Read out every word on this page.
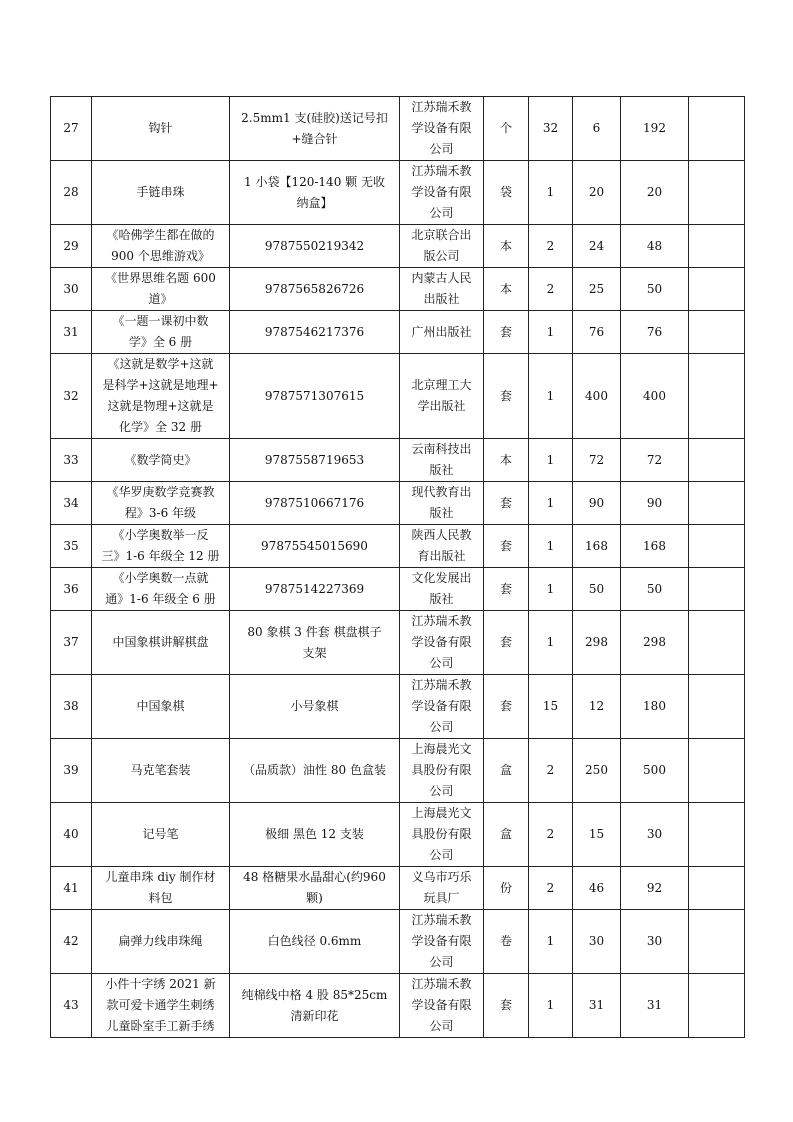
27	钩针	2.5mm1 支(硅胶)送记号扣
+缝合针	江苏瑞禾教
学设备有限
公司	个	32	6	192	
28	手链串珠	1 小袋【120-140 颗 无收
纳盒】	江苏瑞禾教
学设备有限
公司	袋	1	20	20	
29	《哈佛学生都在做的
900 个思维游戏》	9787550219342	北京联合出
版公司	本	2	24	48	
30	《世界思维名题 600
道》	9787565826726	内蒙古人民
出版社	本	2	25	50	
31	《一题一课初中数
学》全 6 册	9787546217376	广州出版社	套	1	76	76	
32	《这就是数学+这就
是科学+这就是地理+
这就是物理+这就是
化学》全 32 册	9787571307615	北京理工大
学出版社	套	1	400	400	
33	《数学简史》	9787558719653	云南科技出
版社	本	1	72	72	
34	《华罗庚数学竞赛教
程》3-6 年级	9787510667176	现代教育出
版社	套	1	90	90	
35	《小学奥数举一反
三》1-6 年级全 12 册	97875545015690	陕西人民教
育出版社	套	1	168	168	
36	《小学奥数一点就
通》1-6 年级全 6 册	9787514227369	文化发展出
版社	套	1	50	50	
37	中国象棋讲解棋盘	80 象棋 3 件套 棋盘棋子
支架	江苏瑞禾教
学设备有限
公司	套	1	298	298	
38	中国象棋	小号象棋	江苏瑞禾教
学设备有限
公司	套	15	12	180	
39	马克笔套装	（品质款）油性 80 色盒装	上海晨光文
具股份有限
公司	盒	2	250	500	
40	记号笔	极细 黑色 12 支装	上海晨光文
具股份有限
公司	盒	2	15	30	
41	儿童串珠 diy 制作材
料包	48 格糖果水晶甜心(约960
颗)	义乌市巧乐
玩具厂	份	2	46	92	
42	扁弹力线串珠绳	白色线径 0.6mm	江苏瑞禾教
学设备有限
公司	卷	1	30	30	
43	小件十字绣 2021 新
款可爱卡通学生刺绣
儿童卧室手工新手绣	纯棉线中格 4 股 85*25cm
清新印花	江苏瑞禾教
学设备有限
公司	套	1	31	31	
